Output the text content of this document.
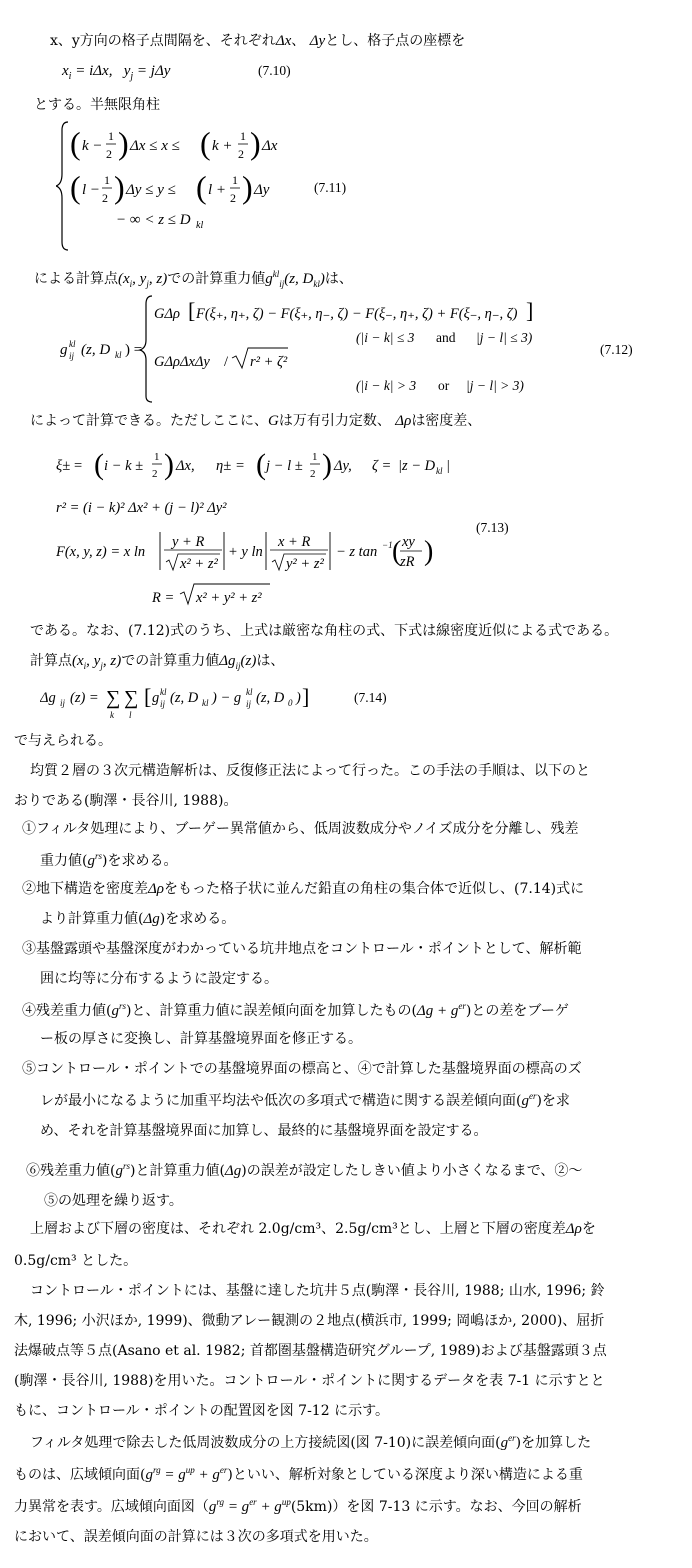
x、y方向の格子点間隔を、それぞれΔx、 Δyとし、格子点の座標を
$x_i = i\Delta x$,   $y_j = j\Delta y$	(7.10)
とする。半無限角柱
( k −
1
2 ) Δx ≤ x ≤ ( k +
1
2 ) Δx
( l −
1
2 ) Δy ≤ y ≤ ( l +
1
2 ) Δy
− ∞ < z ≤ D kl
(7.11)
による計算点($x_i$, $y_j$, z)での計算重力値$g^{kl}_{ij}(z$, $D_{kl}$)は、
g kl
ij (z, D kl ) =
GΔρ [ F(ξ₊, η₊, ζ) − F(ξ₊, η₋, ζ) − F(ξ₋, η₊, ζ) + F(ξ₋, η₋, ζ) ]
(|i − k| ≤ 3 and |j − l| ≤ 3)
GΔρΔxΔy / r² + ζ²
(|i − k| > 3 or |j − l| > 3)
(7.12)
によって計算できる。ただしここに、Gは万有引力定数、 Δρは密度差、
ξ± = ( i − k ±
1
2 ) Δx, η± = ( j − l ±
1
2 ) Δy, ζ = |z − D kl |
r² = (i − k)² Δx² + (j − l)² Δy²
F(x, y, z) = x ln
y + R
x² + z²
+ y ln
x + R
y² + z²
− z tan −1 ( xy
zR )
R = x² + y² + z²
(7.13)
である。なお、(7.12)式のうち、上式は厳密な角柱の式、下式は線密度近似による式である。
計算点($x_i$, $y_j$, z)での計算重力値$\Delta g_{ij}(z)$は、
Δg ij (z) = ∑
k
∑
l
[ g kl
ij (z, D kl ) − g kl
ij (z, D 0 ) ]	(7.14)
で与えられる。
均質２層の３次元構造解析は、反復修正法によって行った。この手法の手順は、以下のと
おりである(駒澤・長谷川, 1988)。
①フィルタ処理により、ブーゲー異常値から、低周波数成分やノイズ成分を分離し、残差
重力値$(g^{rs})$を求める。
②地下構造を密度差Δρをもった格子状に並んだ鉛直の角柱の集合体で近似し、(7.14)式に
より計算重力値(Δg)を求める。
③基盤露頭や基盤深度がわかっている坑井地点をコントロール・ポイントとして、解析範
囲に均等に分布するように設定する。
④残差重力値$(g^{rs})$と、計算重力値に誤差傾向面を加算したもの$(\Delta g + g^{er})$との差をブーゲ
ー板の厚さに変換し、計算基盤境界面を修正する。
⑤コントロール・ポイントでの基盤境界面の標高と、④で計算した基盤境界面の標高のズ
レが最小になるように加重平均法や低次の多項式で構造に関する誤差傾向面$(g^{er})$を求
め、それを計算基盤境界面に加算し、最終的に基盤境界面を設定する。
⑥残差重力値$(g^{rs})$と計算重力値(Δg)の誤差が設定したしきい値より小さくなるまで、②〜
⑤の処理を繰り返す。
上層および下層の密度は、それぞれ 2.0g/cm³、2.5g/cm³とし、上層と下層の密度差Δρを
0.5g/cm³ とした。
コントロール・ポイントには、基盤に達した坑井５点(駒澤・長谷川, 1988; 山水, 1996; 鈴
木, 1996; 小沢ほか, 1999)、微動アレー観測の２地点(横浜市, 1999; 岡嶋ほか, 2000)、屈折
法爆破点等５点(Asano et al. 1982; 首都圏基盤構造研究グループ, 1989)および基盤露頭３点
(駒澤・長谷川, 1988)を用いた。コントロール・ポイントに関するデータを表 7-1 に示すとと
もに、コントロール・ポイントの配置図を図 7-12 に示す。
フィルタ処理で除去した低周波数成分の上方接続図(図 7-10)に誤差傾向面$(g^{er})$を加算した
ものは、広域傾向面$(g^{rg} = g^{up} + g^{er})$といい、解析対象としている深度より深い構造による重
力異常を表す。広域傾向面図$(g^{rg} = g^{er} + g^{up}(5km))$を図 7-13 に示す。なお、今回の解析
において、誤差傾向面の計算には３次の多項式を用いた。
